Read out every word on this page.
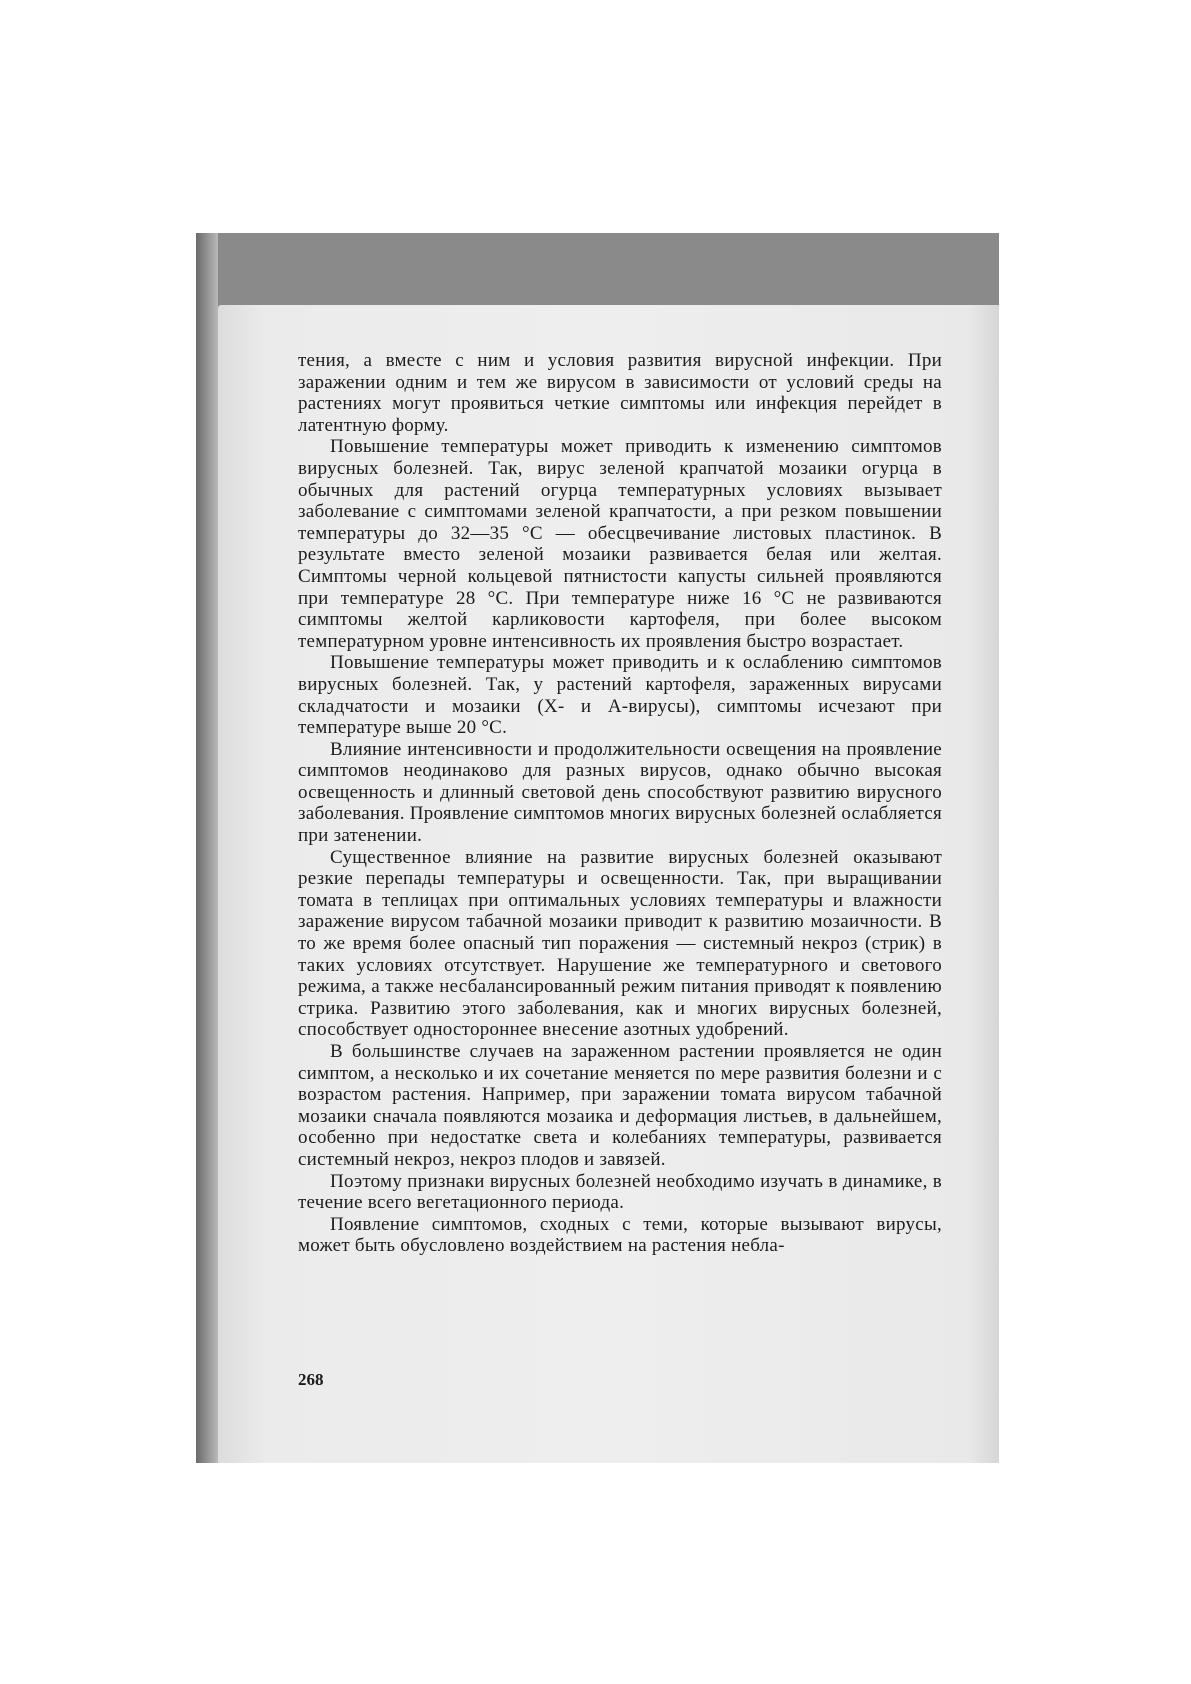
тения, а вместе с ним и условия развития вирусной инфекции. При заражении одним и тем же вирусом в зависимости от условий среды на растениях могут проявиться четкие симптомы или инфекция перейдет в латентную форму.

Повышение температуры может приводить к изменению симптомов вирусных болезней. Так, вирус зеленой крапчатой мозаики огурца в обычных для растений огурца температурных условиях вызывает заболевание с симптомами зеленой крапчатости, а при резком повышении температуры до 32—35 °С — обесцвечивание листовых пластинок. В результате вместо зеленой мозаики развивается белая или желтая. Симптомы черной кольцевой пятнистости капусты сильней проявляются при температуре 28 °С. При температуре ниже 16 °С не развиваются симптомы желтой карликовости картофеля, при более высоком температурном уровне интенсивность их проявления быстро возрастает.

Повышение температуры может приводить и к ослаблению симптомов вирусных болезней. Так, у растений картофеля, зараженных вирусами складчатости и мозаики (X- и А-вирусы), симптомы исчезают при температуре выше 20 °С.

Влияние интенсивности и продолжительности освещения на проявление симптомов неодинаково для разных вирусов, однако обычно высокая освещенность и длинный световой день способствуют развитию вирусного заболевания. Проявление симптомов многих вирусных болезней ослабляется при затенении.

Существенное влияние на развитие вирусных болезней оказывают резкие перепады температуры и освещенности. Так, при выращивании томата в теплицах при оптимальных условиях температуры и влажности заражение вирусом табачной мозаики приводит к развитию мозаичности. В то же время более опасный тип поражения — системный некроз (стрик) в таких условиях отсутствует. Нарушение же температурного и светового режима, а также несбалансированный режим питания приводят к появлению стрика. Развитию этого заболевания, как и многих вирусных болезней, способствует одностороннее внесение азотных удобрений.

В большинстве случаев на зараженном растении проявляется не один симптом, а несколько и их сочетание меняется по мере развития болезни и с возрастом растения. Например, при заражении томата вирусом табачной мозаики сначала появляются мозаика и деформация листьев, в дальнейшем, особенно при недостатке света и колебаниях температуры, развивается системный некроз, некроз плодов и завязей.

Поэтому признаки вирусных болезней необходимо изучать в динамике, в течение всего вегетационного периода.

Появление симптомов, сходных с теми, которые вызывают вирусы, может быть обусловлено воздействием на растения небла-

268
